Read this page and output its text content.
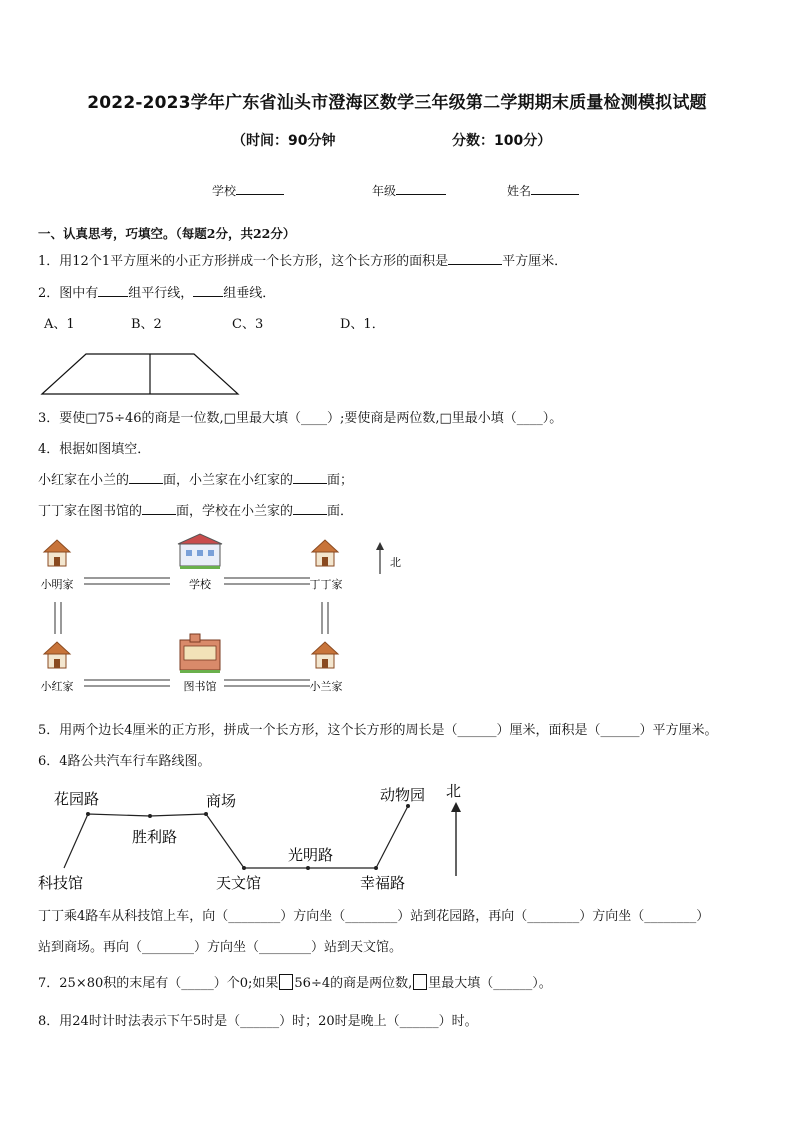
2022-2023学年广东省汕头市澄海区数学三年级第二学期期末质量检测模拟试题
（时间：90分钟	分数：100分）
学校	年级	姓名
一、认真思考，巧填空。（每题2分，共22分）
1．用12个1平方厘米的小正方形拼成一个长方形，这个长方形的面积是	平方厘米．
2．图中有 组平行线， 组垂线．
A、1	B、2	C、3	D、1．
3．要使□75÷46的商是一位数,□里最大填（____）;要使商是两位数,□里最小填（____）。
4．根据如图填空．
小红家在小兰的	面，小兰家在小红家的	面；
丁丁家在图书馆的	面，学校在小兰家的	面．
小明家	学校	丁丁家
小红家	图书馆	小兰家
北
5．用两个边长4厘米的正方形，拼成一个长方形，这个长方形的周长是（______）厘米，面积是（______）平方厘米。
6．4路公共汽车行车路线图。
花园路	商场
胜利路
科技馆	天文馆
光明路
幸福路
动物园 北
丁丁乘4路车从科技馆上车，向（________）方向坐（________）站到花园路，再向（________）方向坐（________）
站到商场。再向（________）方向坐（________）站到天文馆。
7．25×80积的末尾有（_____）个0;如果 56÷4的商是两位数, 里最大填（______）。
8．用24时计时法表示下午5时是（______）时；20时是晚上（______）时。
